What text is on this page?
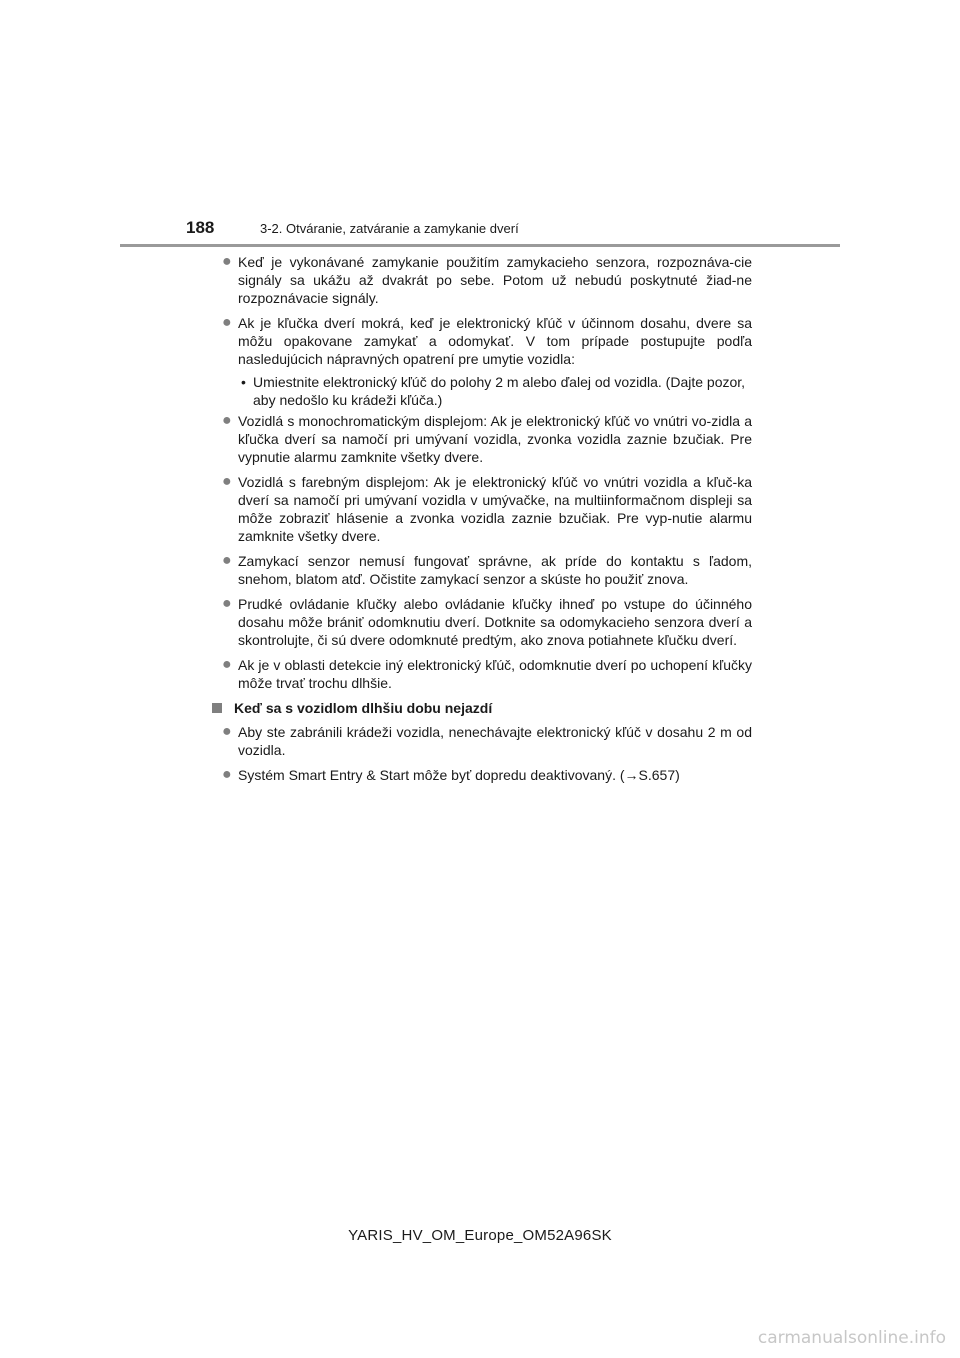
188	3-2. Otváranie, zatváranie a zamykanie dverí
● Keď je vykonávané zamykanie použitím zamykacieho senzora, rozpoznáva-cie signály sa ukážu až dvakrát po sebe. Potom už nebudú poskytnuté žiad-ne rozpoznávacie signály.
● Ak je kľučka dverí mokrá, keď je elektronický kľúč v účinnom dosahu, dvere sa môžu opakovane zamykať a odomykať. V tom prípade postupujte podľa nasledujúcich nápravných opatrení pre umytie vozidla:
• Umiestnite elektronický kľúč do polohy 2 m alebo ďalej od vozidla. (Dajte pozor, aby nedošlo ku krádeži kľúča.)
● Vozidlá s monochromatickým displejom: Ak je elektronický kľúč vo vnútri vo-zidla a kľučka dverí sa namočí pri umývaní vozidla, zvonka vozidla zaznie bzučiak. Pre vypnutie alarmu zamknite všetky dvere.
● Vozidlá s farebným displejom: Ak je elektronický kľúč vo vnútri vozidla a kľuč-ka dverí sa namočí pri umývaní vozidla v umývačke, na multiinformačnom displeji sa môže zobraziť hlásenie a zvonka vozidla zaznie bzučiak. Pre vyp-nutie alarmu zamknite všetky dvere.
● Zamykací senzor nemusí fungovať správne, ak príde do kontaktu s ľadom, snehom, blatom atď. Očistite zamykací senzor a skúste ho použiť znova.
● Prudké ovládanie kľučky alebo ovládanie kľučky ihneď po vstupe do účinného dosahu môže brániť odomknutiu dverí. Dotknite sa odomykacieho senzora dverí a skontrolujte, či sú dvere odomknuté predtým, ako znova potiahnete kľučku dverí.
● Ak je v oblasti detekcie iný elektronický kľúč, odomknutie dverí po uchopení kľučky môže trvať trochu dlhšie.
Keď sa s vozidlom dlhšiu dobu nejazdí
● Aby ste zabránili krádeži vozidla, nenechávajte elektronický kľúč v dosahu 2 m od vozidla.
● Systém Smart Entry & Start môže byť dopredu deaktivovaný. (→S.657)
YARIS_HV_OM_Europe_OM52A96SK
carmanualsonline.info
